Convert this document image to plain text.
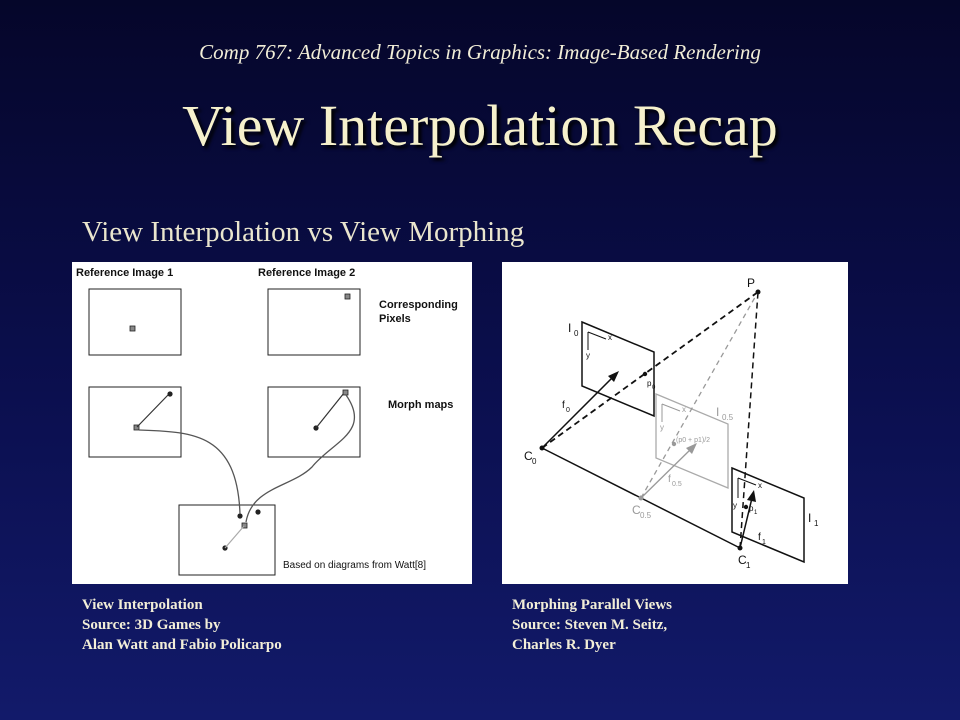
Comp 767: Advanced Topics in Graphics: Image-Based Rendering
View Interpolation Recap
View Interpolation vs View Morphing
Reference Image 1	Reference Image 2
Corresponding
Pixels
Morph maps
Based on diagrams from Watt[8]
P
I 0
I 0.5
I 1
C 0
C 0.5
C 1
f 0
f 0.5
f 1
x
y
x
y
x
y
p 0
p 1
(p0 + p1)/2
View Interpolation
Source: 3D Games by
Alan Watt and Fabio Policarpo
Morphing Parallel Views
Source: Steven M. Seitz,
Charles R. Dyer
